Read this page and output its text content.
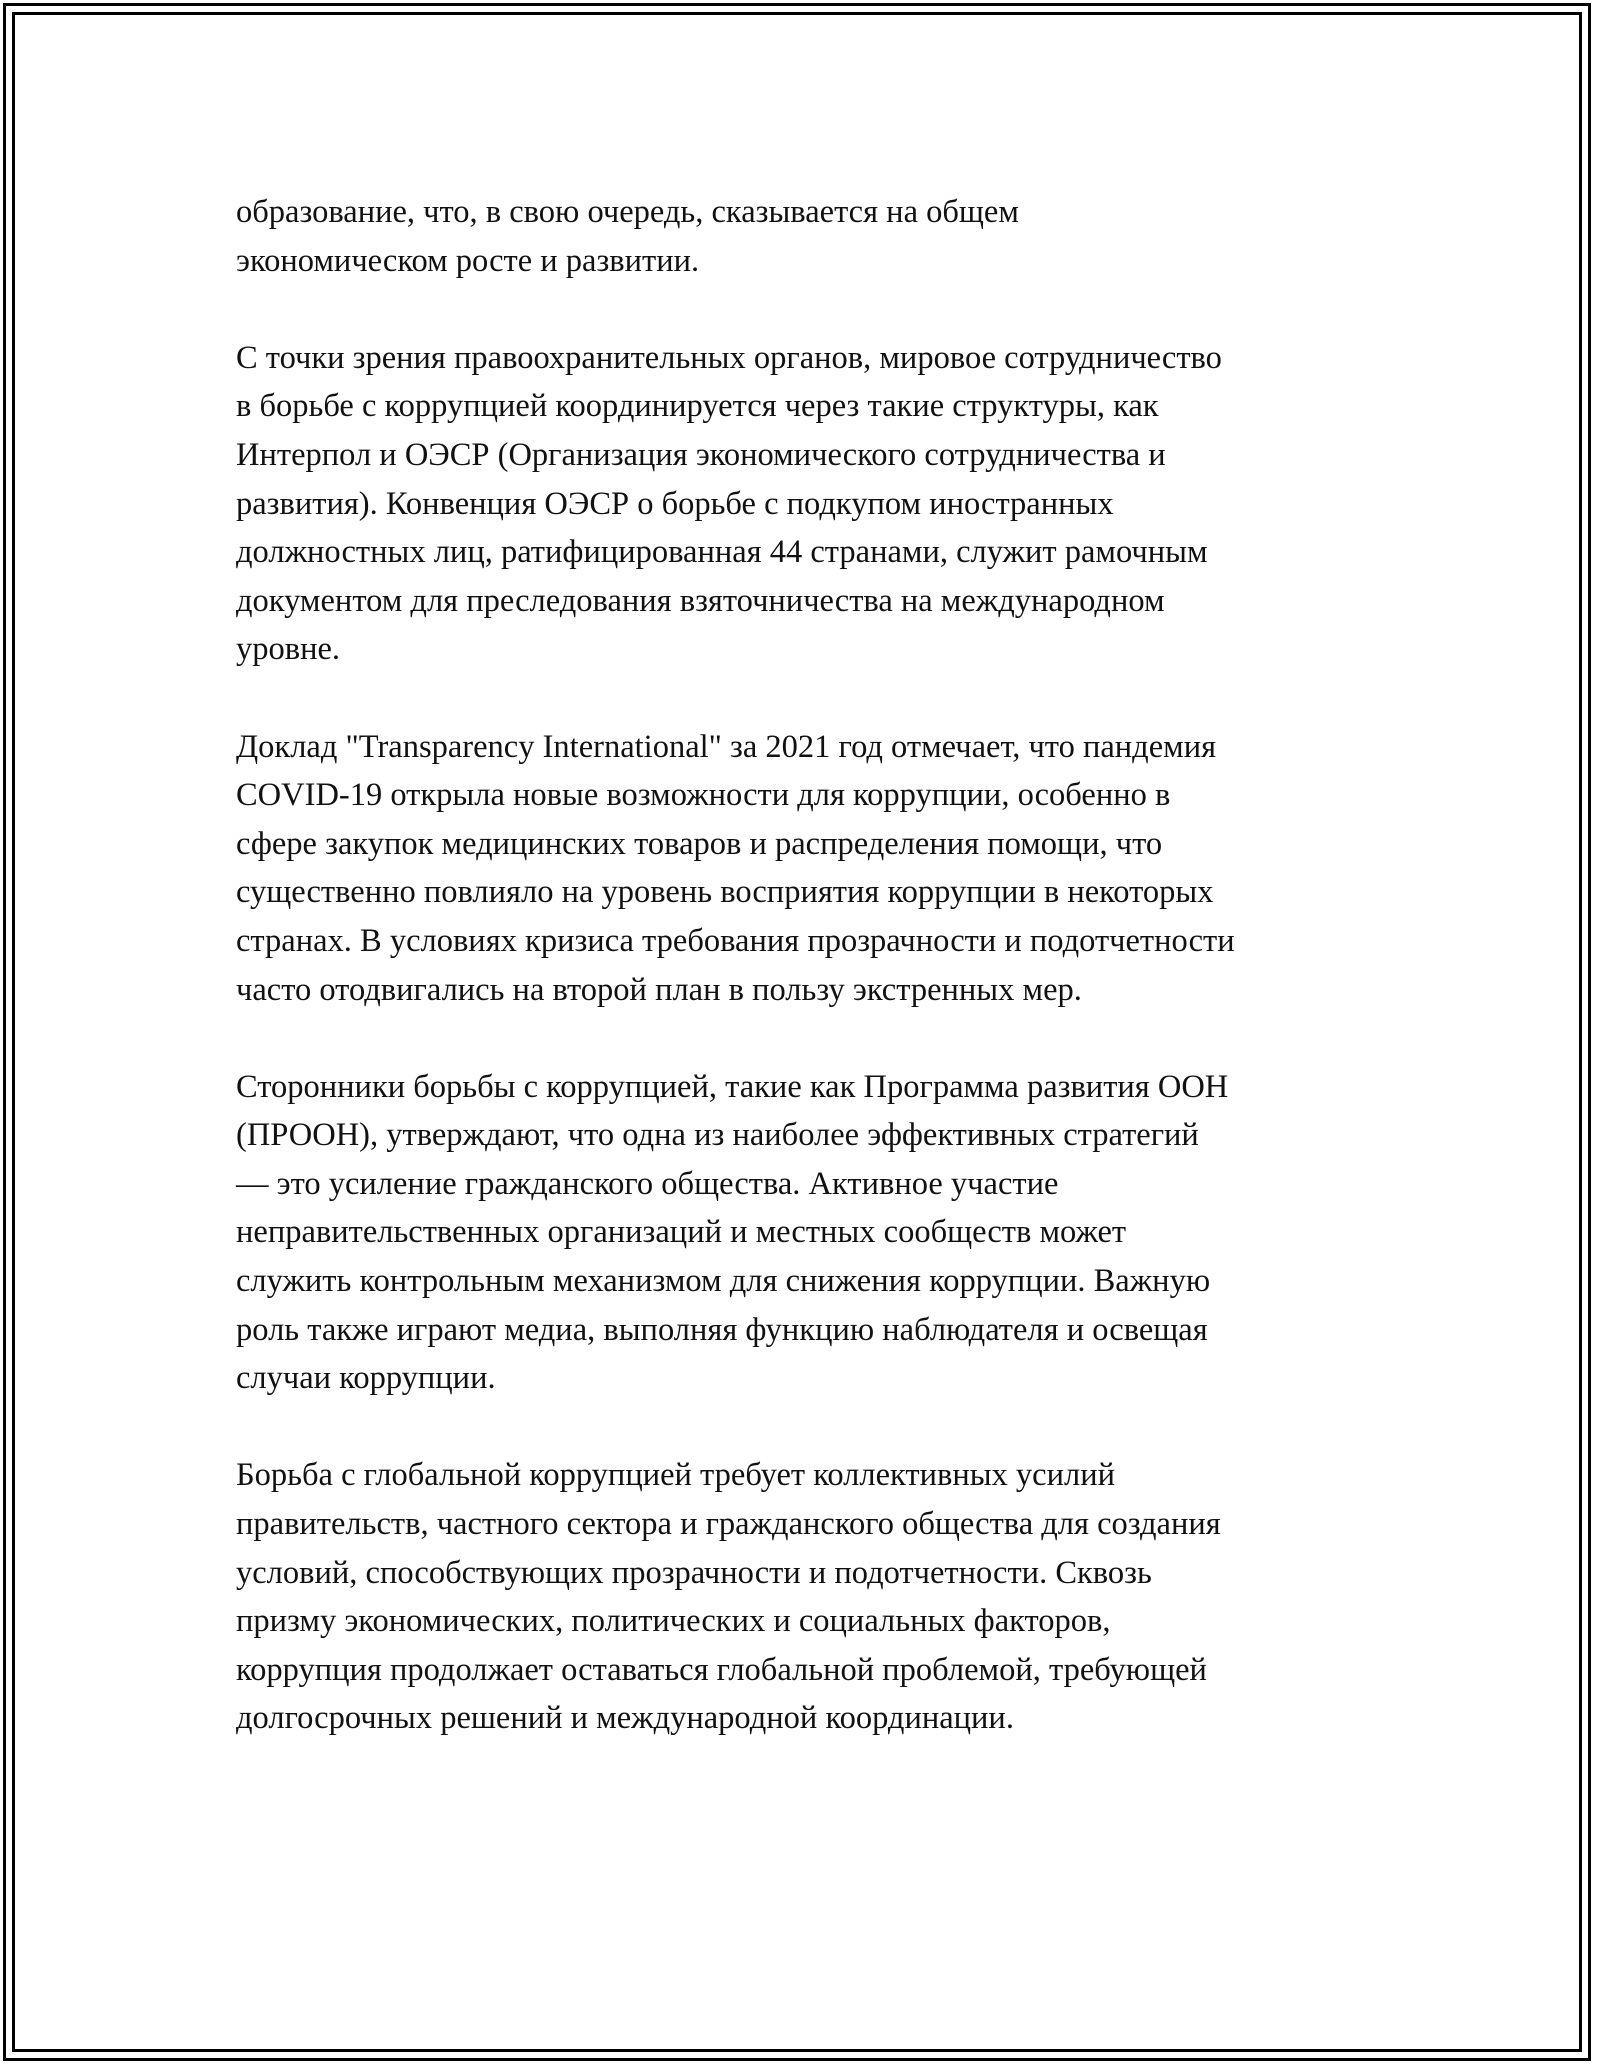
образование, что, в свою очередь, сказывается на общем
экономическом росте и развитии.

С точки зрения правоохранительных органов, мировое сотрудничество
в борьбе с коррупцией координируется через такие структуры, как
Интерпол и ОЭСР (Организация экономического сотрудничества и
развития). Конвенция ОЭСР о борьбе с подкупом иностранных
должностных лиц, ратифицированная 44 странами, служит рамочным
документом для преследования взяточничества на международном
уровне.

Доклад "Transparency International" за 2021 год отмечает, что пандемия
COVID-19 открыла новые возможности для коррупции, особенно в
сфере закупок медицинских товаров и распределения помощи, что
существенно повлияло на уровень восприятия коррупции в некоторых
странах. В условиях кризиса требования прозрачности и подотчетности
часто отодвигались на второй план в пользу экстренных мер.

Сторонники борьбы с коррупцией, такие как Программа развития ООН
(ПРООН), утверждают, что одна из наиболее эффективных стратегий
— это усиление гражданского общества. Активное участие
неправительственных организаций и местных сообществ может
служить контрольным механизмом для снижения коррупции. Важную
роль также играют медиа, выполняя функцию наблюдателя и освещая
случаи коррупции.

Борьба с глобальной коррупцией требует коллективных усилий
правительств, частного сектора и гражданского общества для создания
условий, способствующих прозрачности и подотчетности. Сквозь
призму экономических, политических и социальных факторов,
коррупция продолжает оставаться глобальной проблемой, требующей
долгосрочных решений и международной координации.
